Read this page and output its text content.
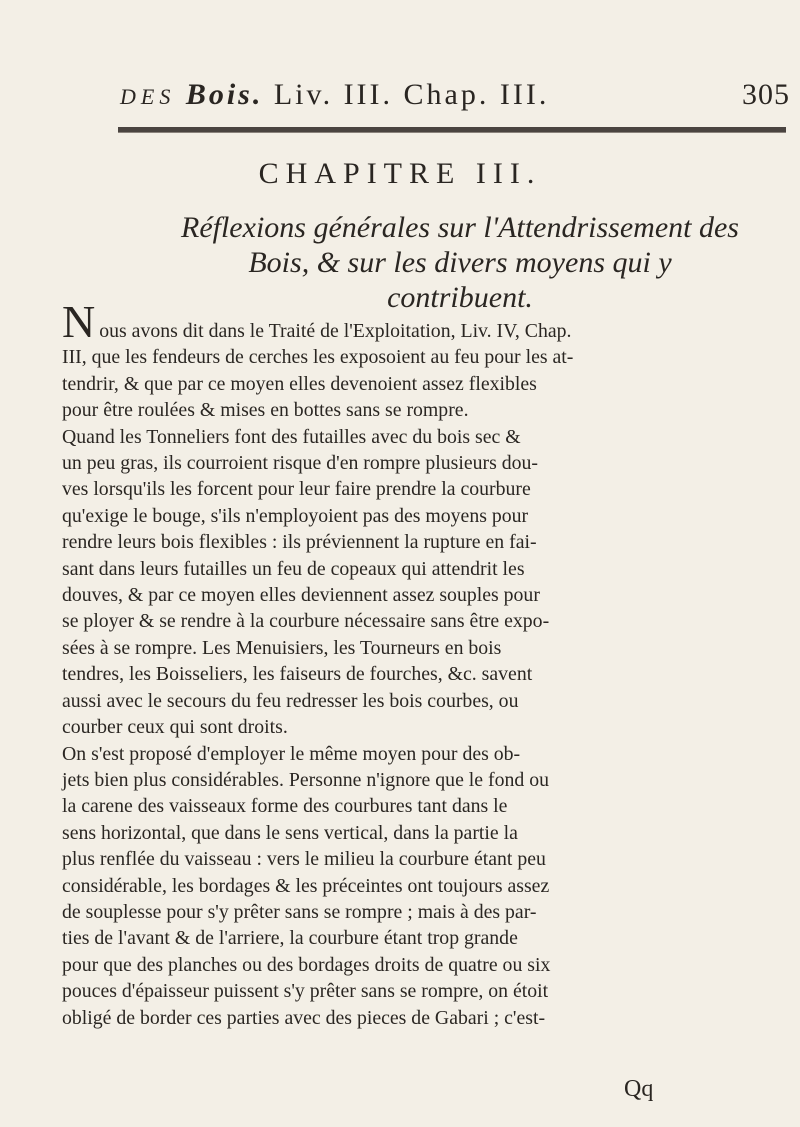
DES Bois. Liv. III. Chap. III.	305
CHAPITRE III.
Réflexions générales sur l'Attendrissement des
Bois, & sur les divers moyens qui y
contribuent.
Nous avons dit dans le Traité de l'Exploitation, Liv. IV, Chap.
III, que les fendeurs de cerches les exposoient au feu pour les at-
tendrir, & que par ce moyen elles devenoient assez flexibles
pour être roulées & mises en bottes sans se rompre.
Quand les Tonneliers font des futailles avec du bois sec &
un peu gras, ils courroient risque d'en rompre plusieurs dou-
ves lorsqu'ils les forcent pour leur faire prendre la courbure
qu'exige le bouge, s'ils n'employoient pas des moyens pour
rendre leurs bois flexibles : ils préviennent la rupture en fai-
sant dans leurs futailles un feu de copeaux qui attendrit les
douves, & par ce moyen elles deviennent assez souples pour
se ployer & se rendre à la courbure nécessaire sans être expo-
sées à se rompre. Les Menuisiers, les Tourneurs en bois
tendres, les Boisseliers, les faiseurs de fourches, &c. savent
aussi avec le secours du feu redresser les bois courbes, ou
courber ceux qui sont droits.
On s'est proposé d'employer le même moyen pour des ob-
jets bien plus considérables. Personne n'ignore que le fond ou
la carene des vaisseaux forme des courbures tant dans le
sens horizontal, que dans le sens vertical, dans la partie la
plus renflée du vaisseau : vers le milieu la courbure étant peu
considérable, les bordages & les préceintes ont toujours assez
de souplesse pour s'y prêter sans se rompre ; mais à des par-
ties de l'avant & de l'arriere, la courbure étant trop grande
pour que des planches ou des bordages droits de quatre ou six
pouces d'épaisseur puissent s'y prêter sans se rompre, on étoit
obligé de border ces parties avec des pieces de Gabari ; c'est-
Qq
